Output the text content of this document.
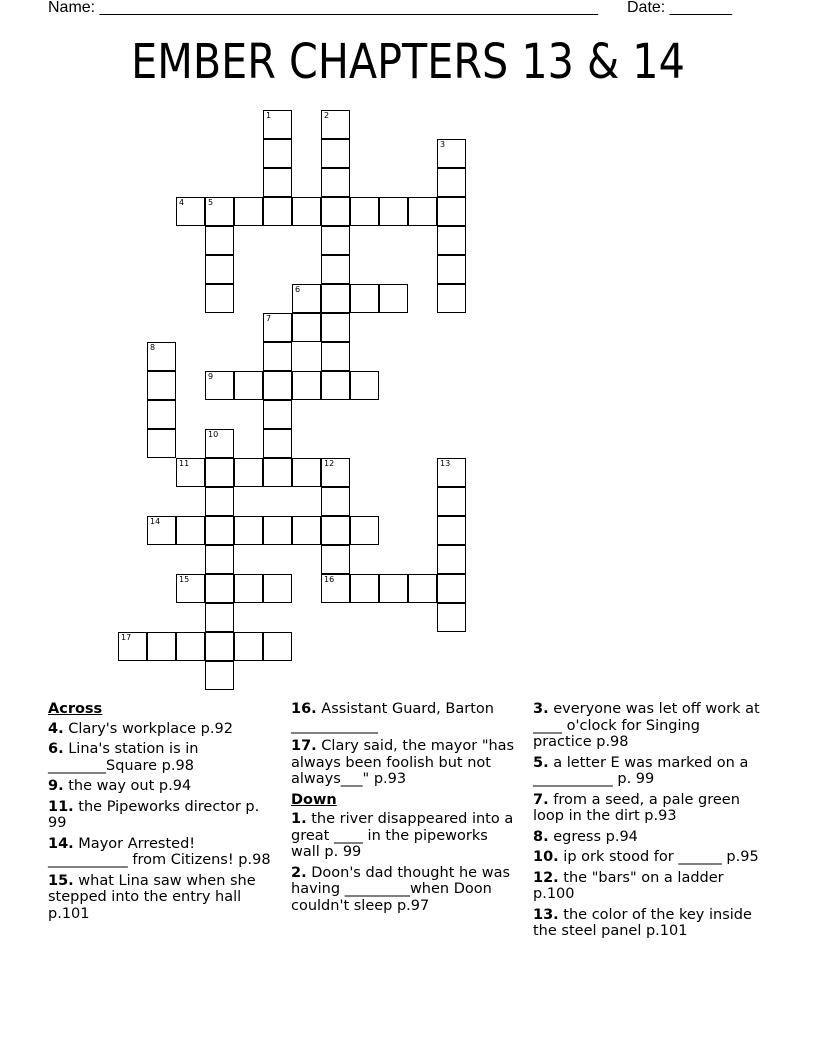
Name: ________________________________________________________ Date: _______
EMBER CHAPTERS 13 & 14
1	2
3
4	5
6
7
8
9
10
11	12	13
14
15	16
17
Across
4. Clary's workplace p.92
6. Lina's station is in ________Square p.98
9. the way out p.94
11. the Pipeworks director p. 99
14. Mayor Arrested! ___________ from Citizens! p.98
15. what Lina saw when she stepped into the entry hall p.101
16. Assistant Guard, Barton ____________
17. Clary said, the mayor "has always been foolish but not always___" p.93
Down
1. the river disappeared into a great ____ in the pipeworks wall p. 99
2. Doon's dad thought he was having _________when Doon couldn't sleep p.97
3. everyone was let off work at ____ o'clock for Singing practice p.98
5. a letter E was marked on a ___________ p. 99
7. from a seed, a pale green loop in the dirt p.93
8. egress p.94
10. ip ork stood for ______ p.95
12. the "bars" on a ladder p.100
13. the color of the key inside the steel panel p.101
